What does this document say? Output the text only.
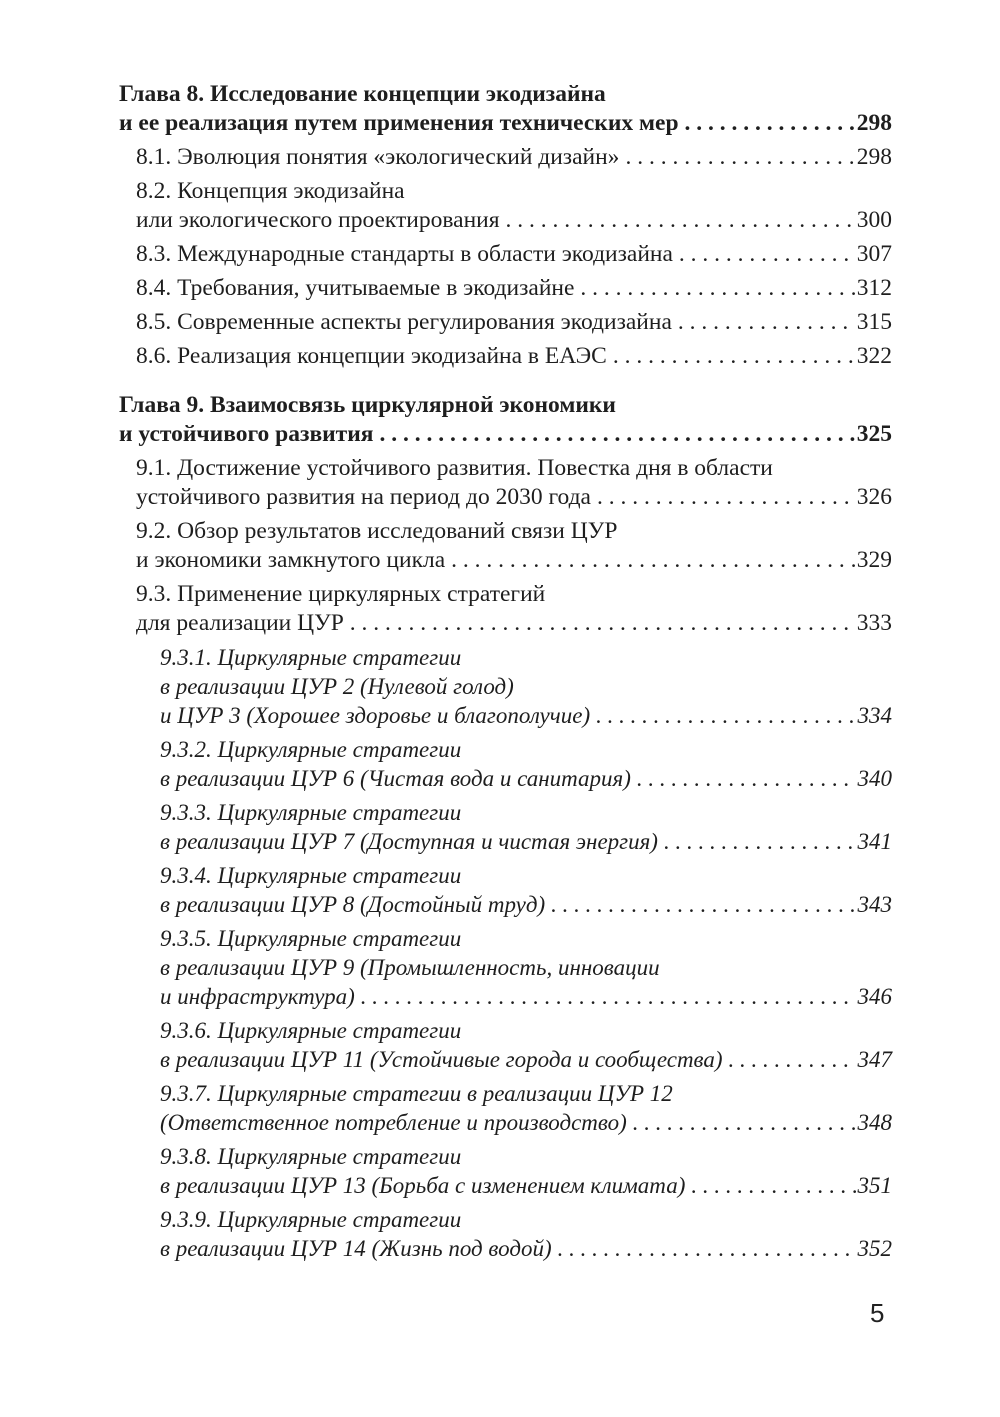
Глава 8. Исследование концепции экодизайна
и ее реализация путем применения технических мер . . .	298
8.1. Эволюция понятия «экологический дизайн» . . .	298
8.2. Концепция экодизайна
или экологического проектирования . . .	300
8.3. Международные стандарты в области экодизайна . . .	307
8.4. Требования, учитываемые в экодизайне . . .	312
8.5. Современные аспекты регулирования экодизайна . . .	315
8.6. Реализация концепции экодизайна в ЕАЭС . . .	322
Глава 9. Взаимосвязь циркулярной экономики
и устойчивого развития . . .	325
9.1. Достижение устойчивого развития. Повестка дня в области
устойчивого развития на период до 2030 года . . .	326
9.2. Обзор результатов исследований связи ЦУР
и экономики замкнутого цикла . . .	329
9.3. Применение циркулярных стратегий
для реализации ЦУР . . .	333
9.3.1. Циркулярные стратегии
в реализации ЦУР 2 (Нулевой голод)
и ЦУР 3 (Хорошее здоровье и благополучие) . . .	334
9.3.2. Циркулярные стратегии
в реализации ЦУР 6 (Чистая вода и санитария) . . .	340
9.3.3. Циркулярные стратегии
в реализации ЦУР 7 (Доступная и чистая энергия) . . .	341
9.3.4. Циркулярные стратегии
в реализации ЦУР 8 (Достойный труд) . . .	343
9.3.5. Циркулярные стратегии
в реализации ЦУР 9 (Промышленность, инновации
и инфраструктура) . . .	346
9.3.6. Циркулярные стратегии
в реализации ЦУР 11 (Устойчивые города и сообщества) . . .	347
9.3.7. Циркулярные стратегии в реализации ЦУР 12
(Ответственное потребление и производство) . . .	348
9.3.8. Циркулярные стратегии
в реализации ЦУР 13 (Борьба с изменением климата) . . .	351
9.3.9. Циркулярные стратегии
в реализации ЦУР 14 (Жизнь под водой) . . .	352
5
